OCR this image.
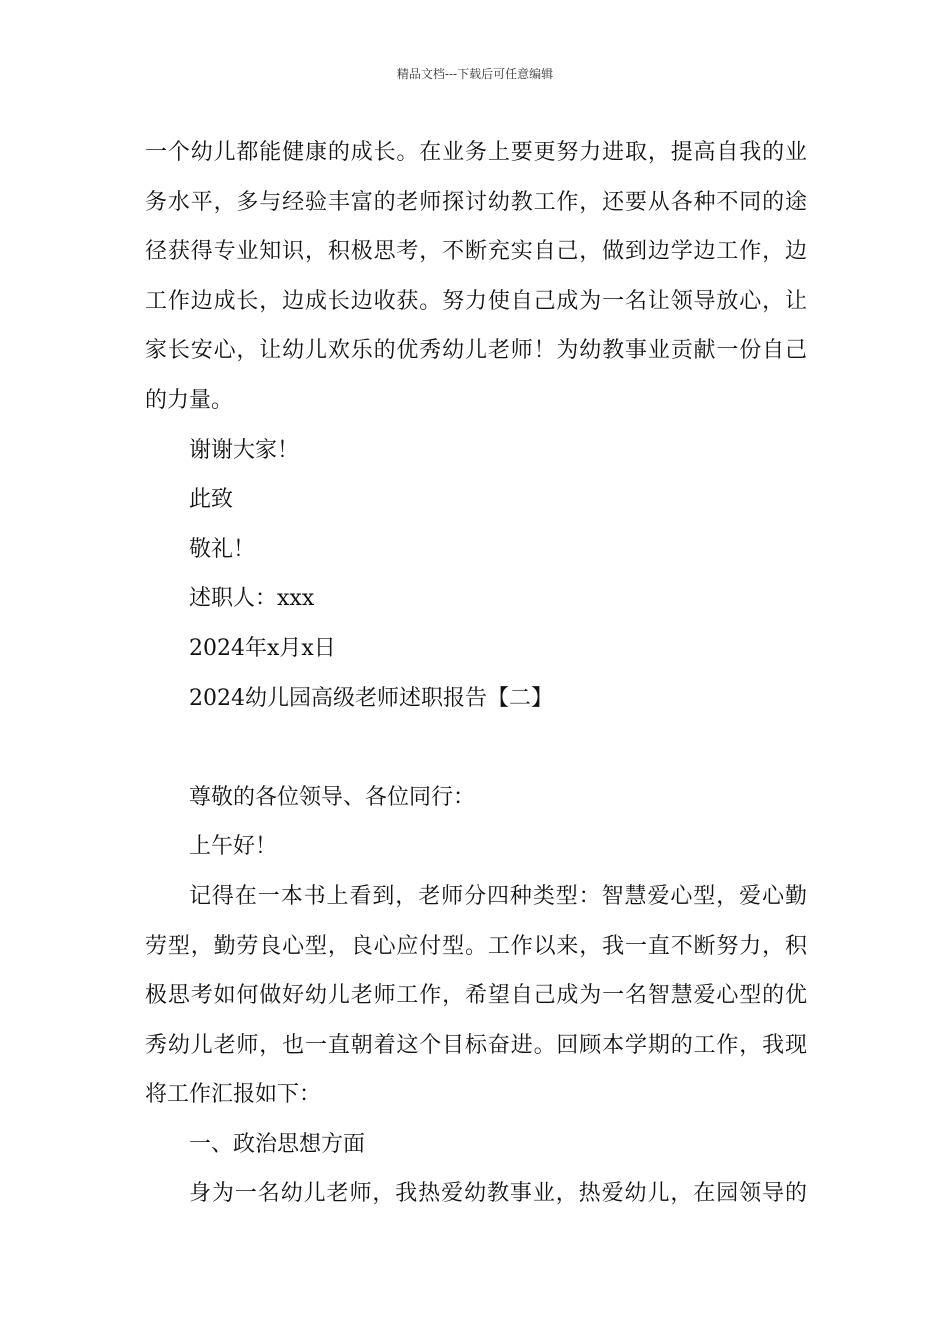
精品文档---下载后可任意编辑
一个幼儿都能健康的成长。在业务上要更努力进取，提高自我的业
务水平，多与经验丰富的老师探讨幼教工作，还要从各种不同的途
径获得专业知识，积极思考，不断充实自己，做到边学边工作，边
工作边成长，边成长边收获。努力使自己成为一名让领导放心，让
家长安心，让幼儿欢乐的优秀幼儿老师！为幼教事业贡献一份自己
的力量。
谢谢大家！
此致
敬礼！
述职人：xxx
2024年x月x日
2024幼儿园高级老师述职报告【二】
尊敬的各位领导、各位同行：
上午好！
记得在一本书上看到，老师分四种类型：智慧爱心型，爱心勤
劳型，勤劳良心型，良心应付型。工作以来，我一直不断努力，积
极思考如何做好幼儿老师工作，希望自己成为一名智慧爱心型的优
秀幼儿老师，也一直朝着这个目标奋进。回顾本学期的工作，我现
将工作汇报如下：
一、政治思想方面
身为一名幼儿老师，我热爱幼教事业，热爱幼儿，在园领导的
